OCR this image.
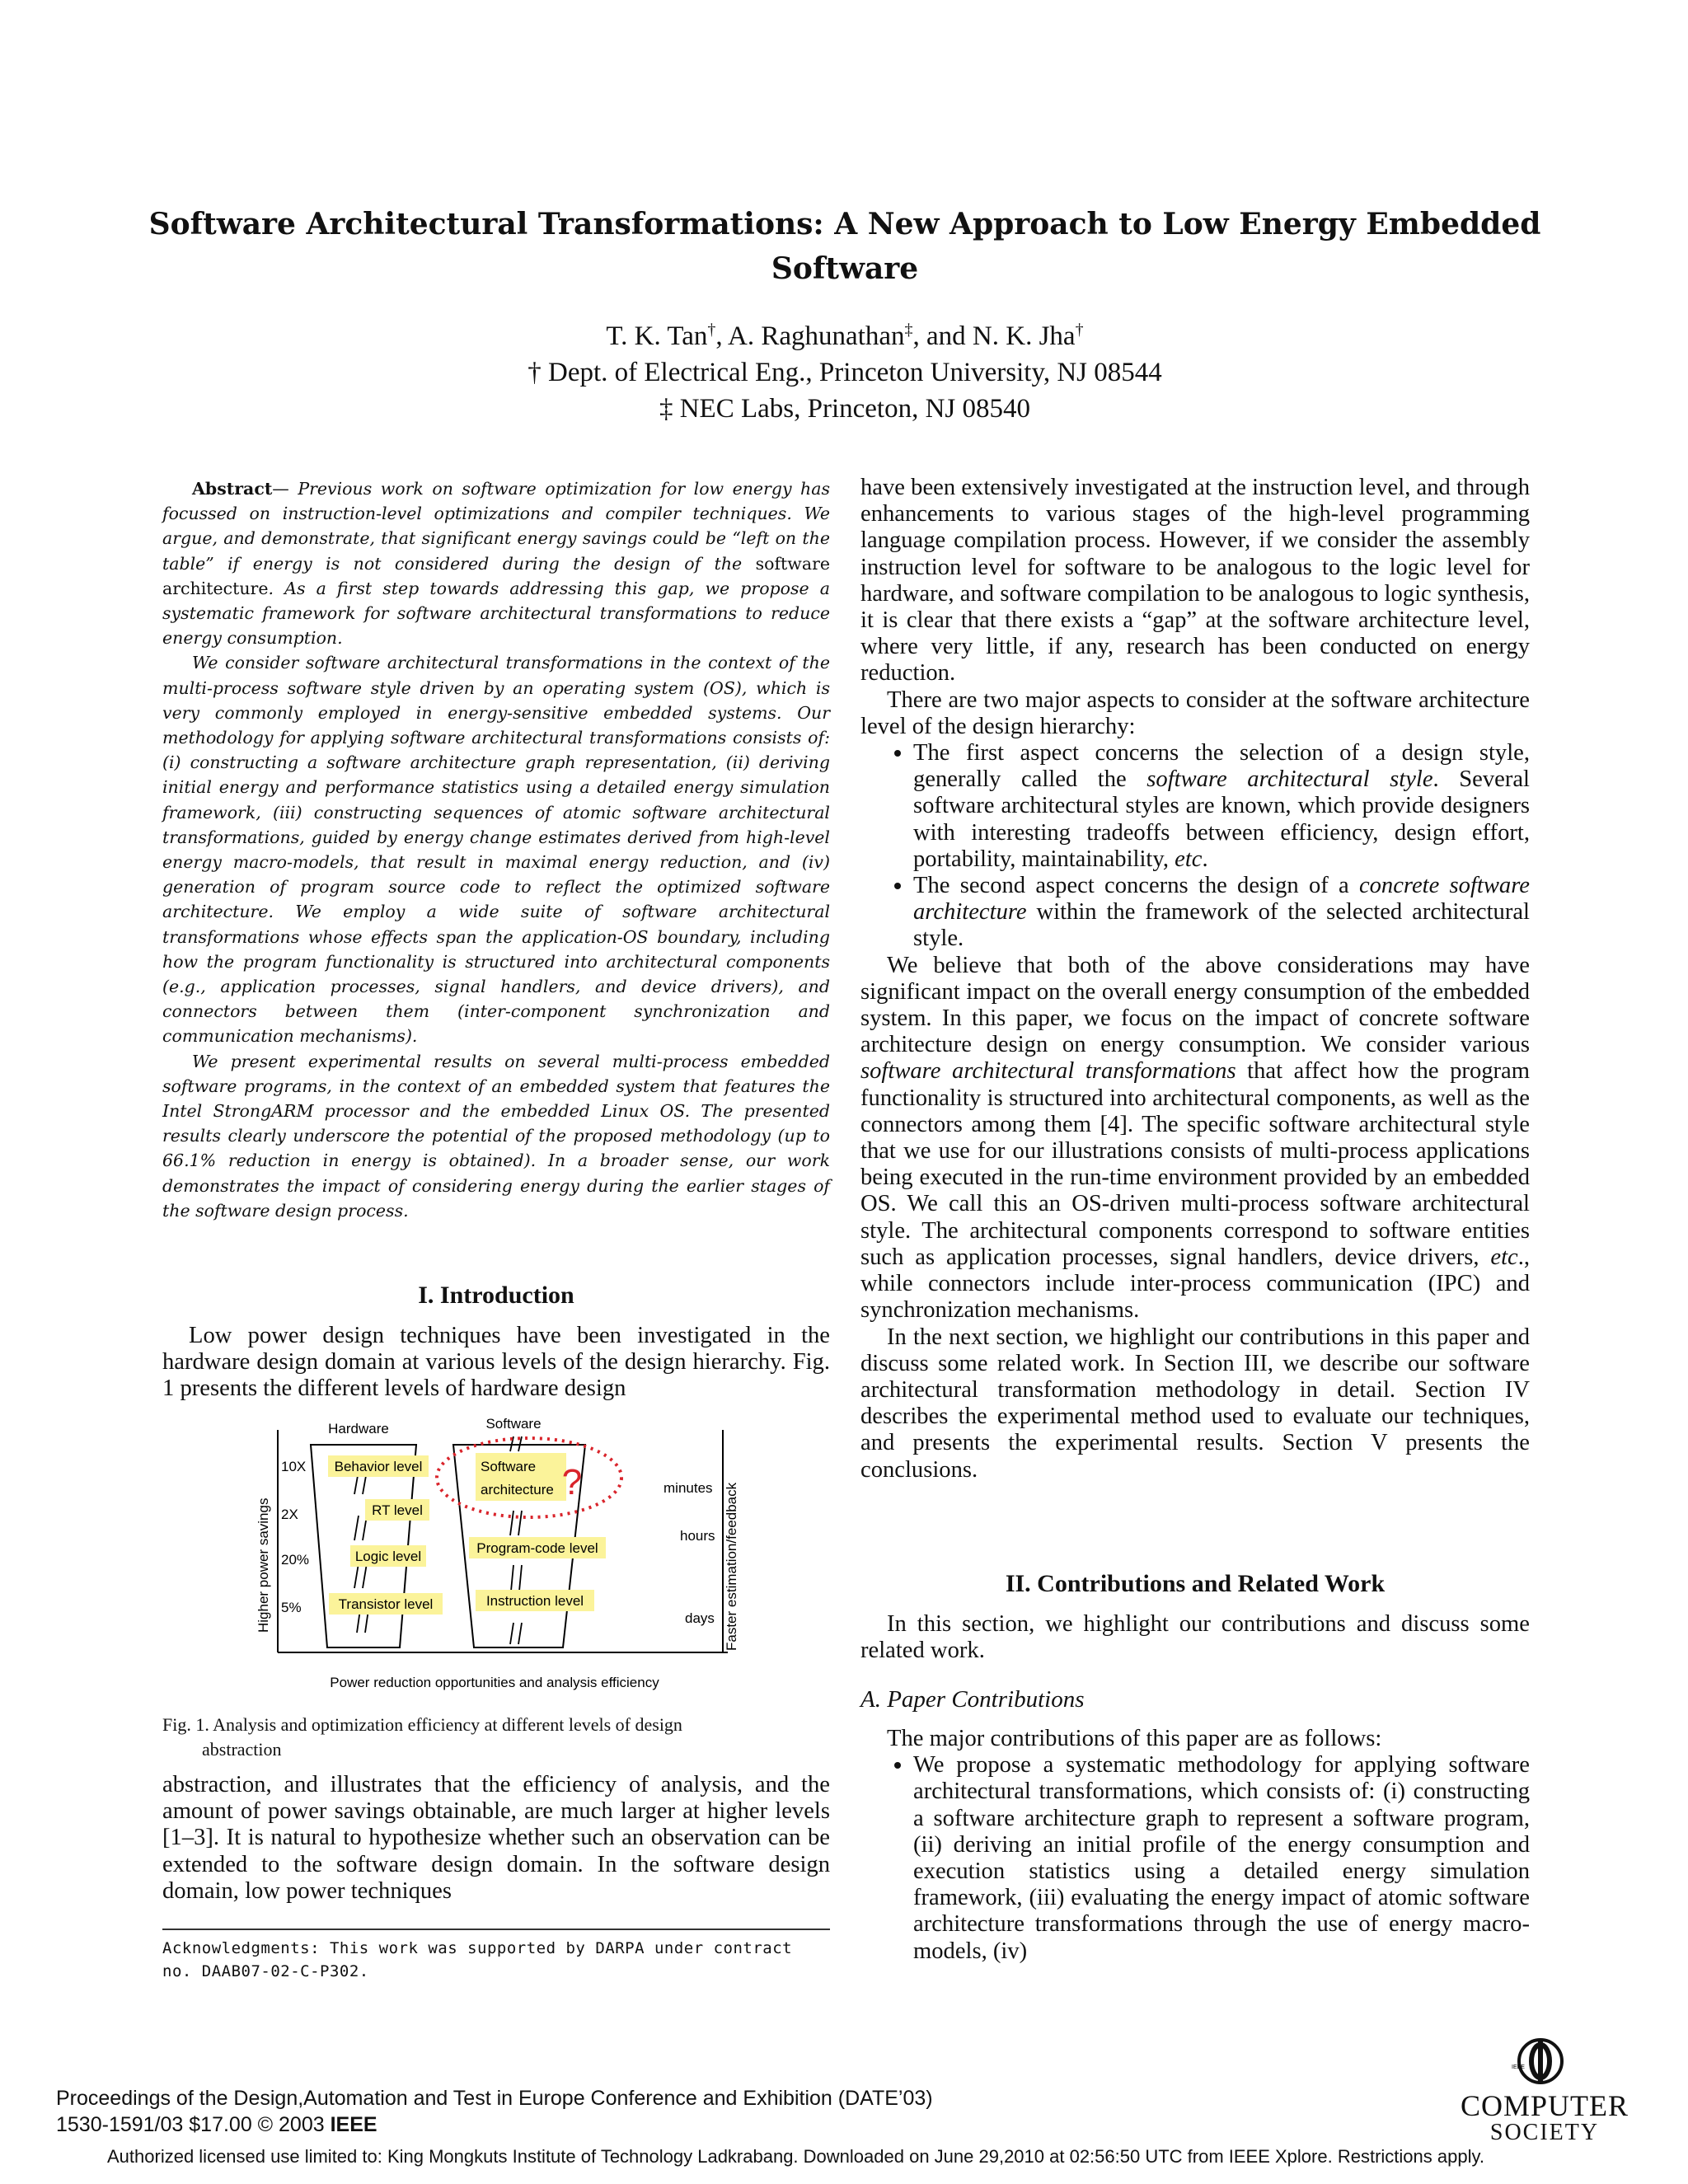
Software Architectural Transformations: A New Approach to Low Energy Embedded Software
T. K. Tan†, A. Raghunathan‡, and N. K. Jha†
† Dept. of Electrical Eng., Princeton University, NJ 08544
‡ NEC Labs, Princeton, NJ 08540

Abstract— Previous work on software optimization for low energy has focussed on instruction-level optimizations and compiler techniques. We argue, and demonstrate, that significant energy savings could be “left on the table” if energy is not considered during the design of the software architecture. As a first step towards addressing this gap, we propose a systematic framework for software architectural transformations to reduce energy consumption.

We consider software architectural transformations in the context of the multi-process software style driven by an operating system (OS), which is very commonly employed in energy-sensitive embedded systems. Our methodology for applying software architectural transformations consists of: (i) constructing a software architecture graph representation, (ii) deriving initial energy and performance statistics using a detailed energy simulation framework, (iii) constructing sequences of atomic software architectural transformations, guided by energy change estimates derived from high-level energy macro-models, that result in maximal energy reduction, and (iv) generation of program source code to reflect the optimized software architecture. We employ a wide suite of software architectural transformations whose effects span the application-OS boundary, including how the program functionality is structured into architectural components (e.g., application processes, signal handlers, and device drivers), and connectors between them (inter-component synchronization and communication mechanisms).

We present experimental results on several multi-process embedded software programs, in the context of an embedded system that features the Intel StrongARM processor and the embedded Linux OS. The presented results clearly underscore the potential of the proposed methodology (up to 66.1% reduction in energy is obtained). In a broader sense, our work demonstrates the impact of considering energy during the earlier stages of the software design process.

I. Introduction

Low power design techniques have been investigated in the hardware design domain at various levels of the design hierarchy. Fig. 1 presents the different levels of hardware design

Behavior level
RT level
Logic level
Transistor level
Software
architecture
Program-code level
Instruction level
?
Hardware	Software
10X
2X
20%
5%
minutes
hours
days
Higher power savings	Faster estimation/feedback
Power reduction opportunities and analysis efficiency
Fig. 1. Analysis and optimization efficiency at different levels of design
abstraction

abstraction, and illustrates that the efficiency of analysis, and the amount of power savings obtainable, are much larger at higher levels [1–3]. It is natural to hypothesize whether such an observation can be extended to the software design domain. In the software design domain, low power techniques

Acknowledgments: This work was supported by DARPA under contract
no. DAAB07-02-C-P302.

have been extensively investigated at the instruction level, and through enhancements to various stages of the high-level programming language compilation process. However, if we consider the assembly instruction level for software to be analogous to the logic level for hardware, and software compilation to be analogous to logic synthesis, it is clear that there exists a “gap” at the software architecture level, where very little, if any, research has been conducted on energy reduction.

There are two major aspects to consider at the software architecture level of the design hierarchy:

• The first aspect concerns the selection of a design style, generally called the software architectural style. Several software architectural styles are known, which provide designers with interesting tradeoffs between efficiency, design effort, portability, maintainability, etc.
• The second aspect concerns the design of a concrete software architecture within the framework of the selected architectural style.

We believe that both of the above considerations may have significant impact on the overall energy consumption of the embedded system. In this paper, we focus on the impact of concrete software architecture design on energy consumption. We consider various software architectural transformations that affect how the program functionality is structured into architectural components, as well as the connectors among them [4]. The specific software architectural style that we use for our illustrations consists of multi-process applications being executed in the run-time environment provided by an embedded OS. We call this an OS-driven multi-process software architectural style. The architectural components correspond to software entities such as application processes, signal handlers, device drivers, etc., while connectors include inter-process communication (IPC) and synchronization mechanisms.

In the next section, we highlight our contributions in this paper and discuss some related work. In Section III, we describe our software architectural transformation methodology in detail. Section IV describes the experimental method used to evaluate our techniques, and presents the experimental results. Section V presents the conclusions.

II. Contributions and Related Work

In this section, we highlight our contributions and discuss some related work.

A. Paper Contributions

The major contributions of this paper are as follows:

• We propose a systematic methodology for applying software architectural transformations, which consists of: (i) constructing a software architecture graph to represent a software program, (ii) deriving an initial profile of the energy consumption and execution statistics using a detailed energy simulation framework, (iii) evaluating the energy impact of atomic software architecture transformations through the use of energy macro-models, (iv)
Proceedings of the Design,Automation and Test in Europe Conference and Exhibition (DATE’03)
1530-1591/03 $17.00 © 2003 IEEE
IEEE
COMPUTER
SOCIETY
Authorized licensed use limited to: King Mongkuts Institute of Technology Ladkrabang. Downloaded on June 29,2010 at 02:56:50 UTC from IEEE Xplore. Restrictions apply.
